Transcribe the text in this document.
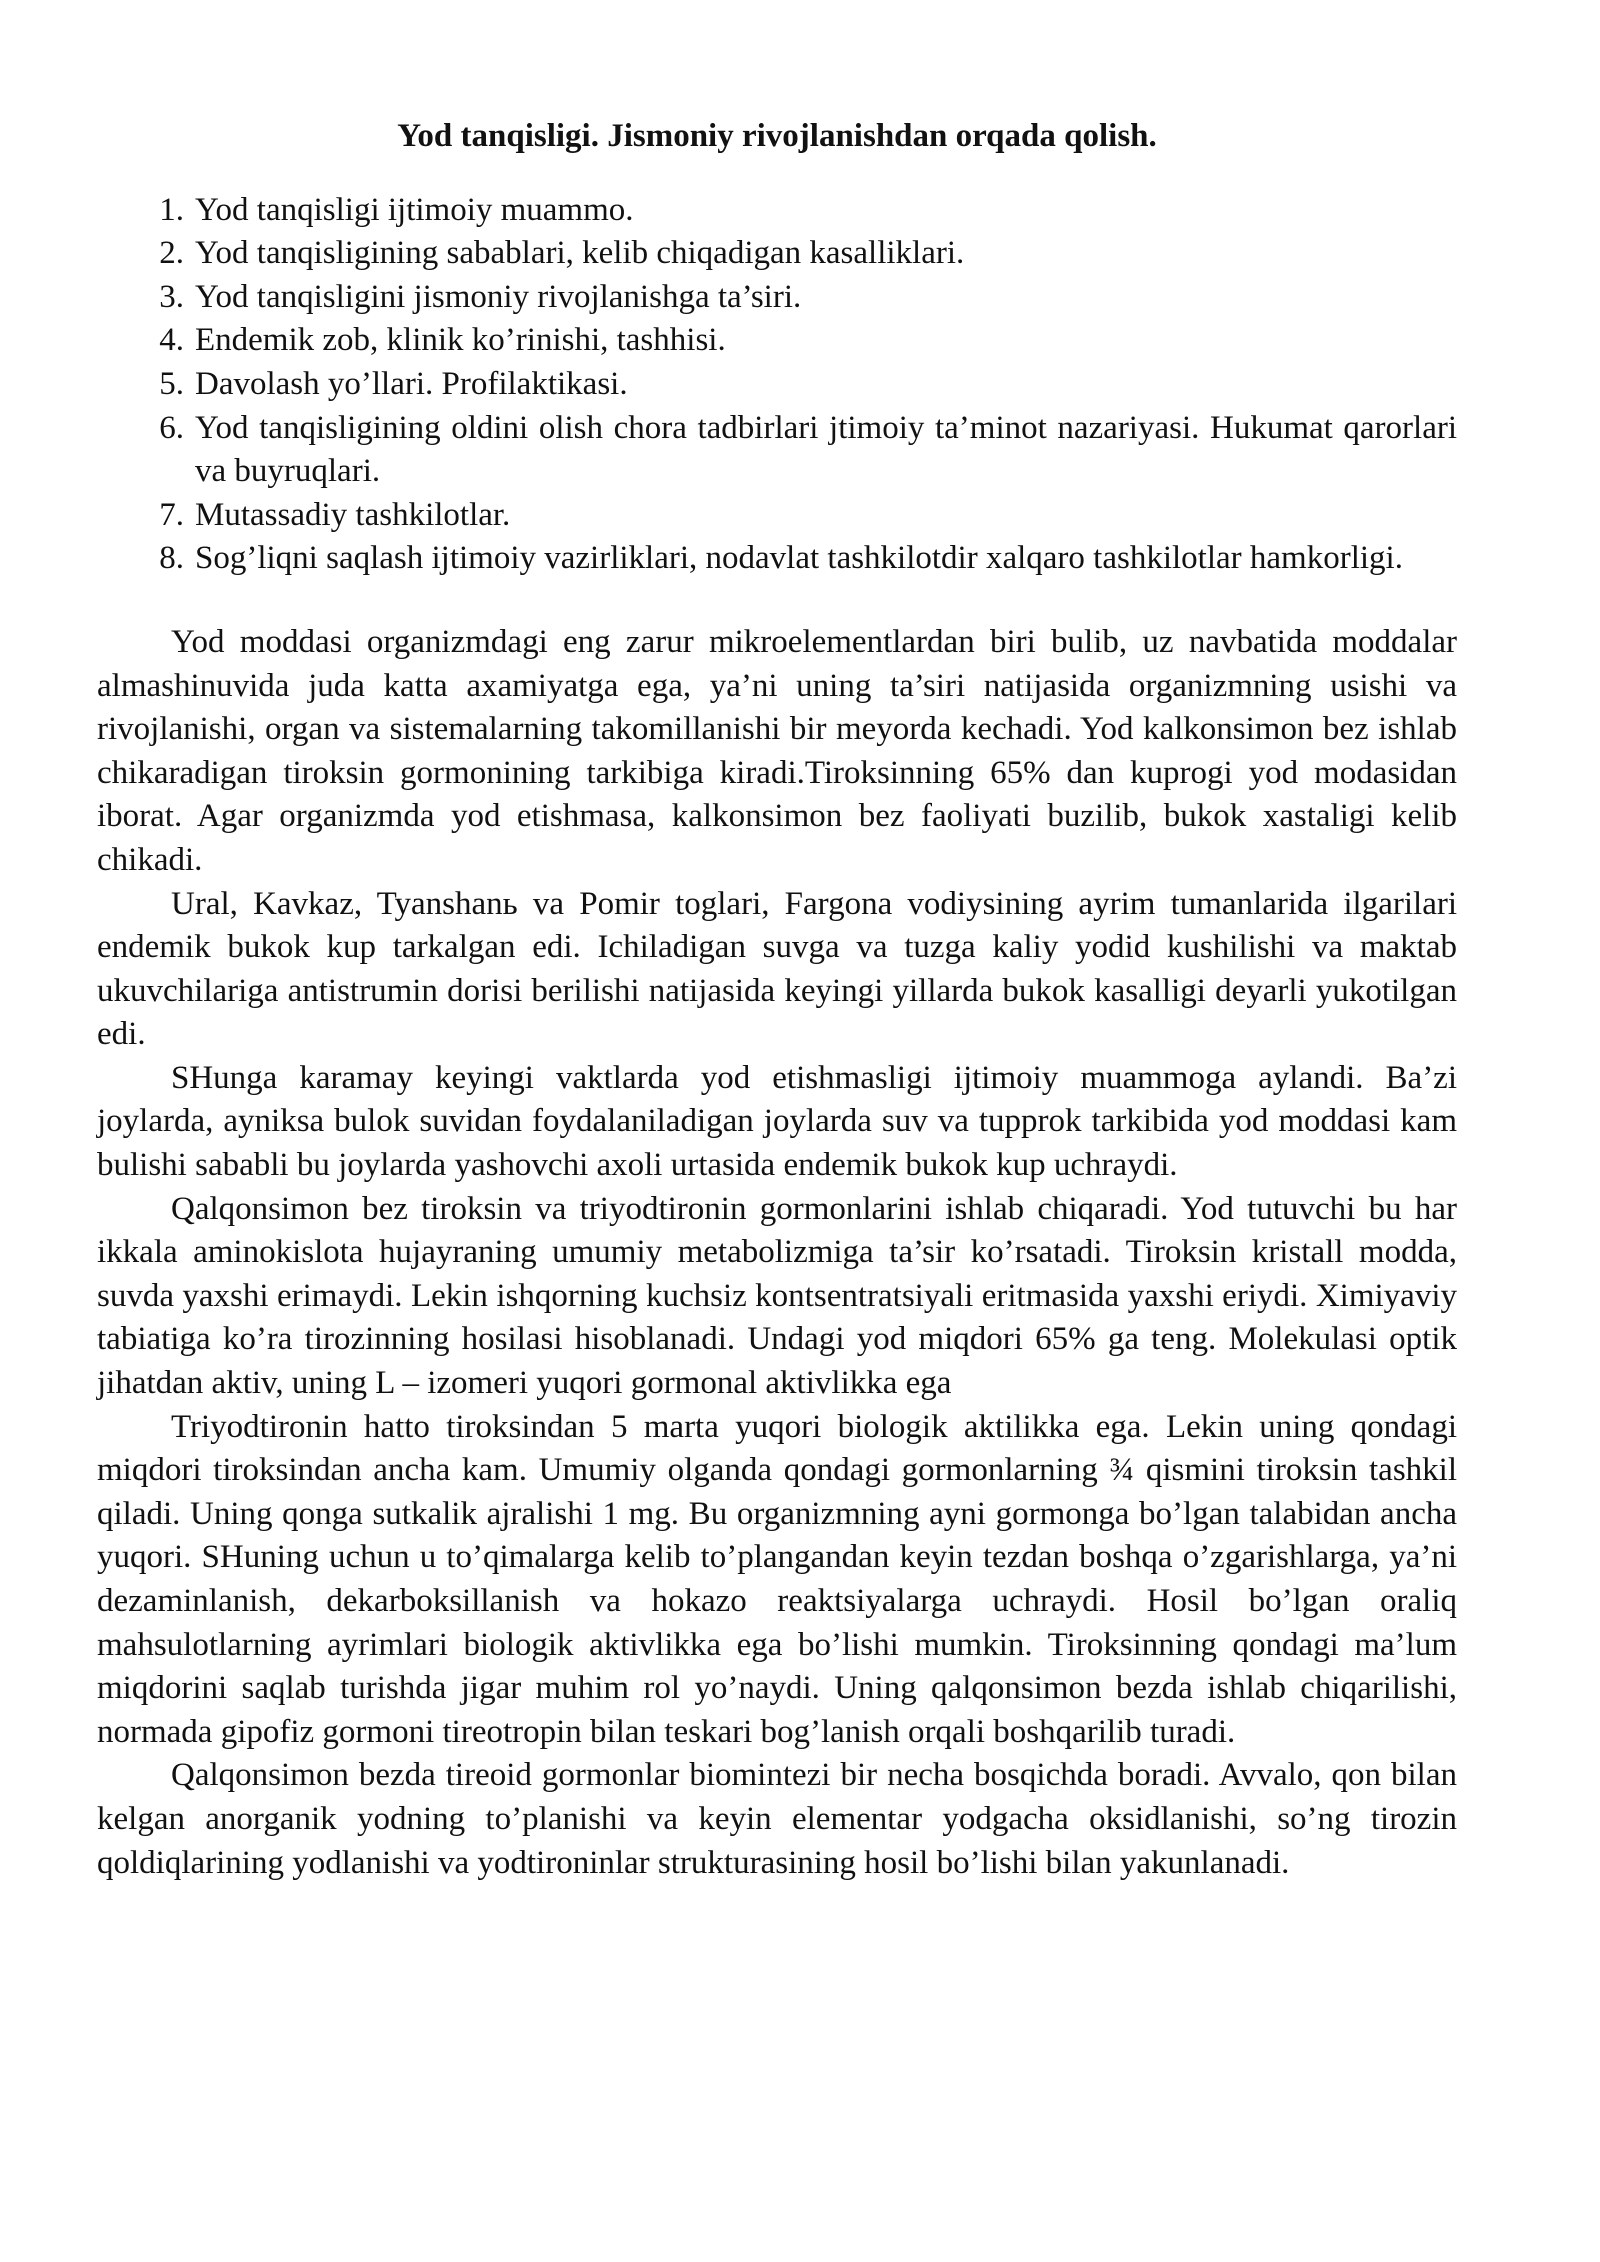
Yod tanqisligi. Jismoniy rivojlanishdan orqada qolish.
1. Yod tanqisligi ijtimoiy muammo.
2. Yod tanqisligining sabablari, kelib chiqadigan kasalliklari.
3. Yod tanqisligini jismoniy rivojlanishga ta’siri.
4. Endemik zob, klinik ko’rinishi, tashhisi.
5. Davolash yo’llari. Profilaktikasi.
6. Yod tanqisligining oldini olish chora tadbirlari jtimoiy ta’minot nazariyasi. Hukumat qarorlari va buyruqlari.
7. Mutassadiy tashkilotlar.
8. Sog’liqni saqlash ijtimoiy vazirliklari, nodavlat tashkilotdir xalqaro tashkilotlar hamkorligi.

Yod moddasi organizmdagi eng zarur mikroelementlardan biri bulib, uz navbatida moddalar almashinuvida juda katta axamiyatga ega, ya’ni uning ta’siri natijasida organizmning usishi va rivojlanishi, organ va sistemalarning takomillanishi bir meyorda kechadi. Yod kalkonsimon bez ishlab chikaradigan tiroksin gormonining tarkibiga kiradi.Tiroksinning 65% dan kuprogi yod modasidan iborat. Agar organizmda yod etishmasa, kalkonsimon bez faoliyati buzilib, bukok xastaligi kelib chikadi.

Ural, Kavkaz, Tyanshanь va Pomir toglari, Fargona vodiysining ayrim tumanlarida ilgarilari endemik bukok kup tarkalgan edi. Ichiladigan suvga va tuzga kaliy yodid kushilishi va maktab ukuvchilariga antistrumin dorisi berilishi natijasida keyingi yillarda bukok kasalligi deyarli yukotilgan edi.

SHunga karamay keyingi vaktlarda yod etishmasligi ijtimoiy muammoga aylandi. Ba’zi joylarda, ayniksa bulok suvidan foydalaniladigan joylarda suv va tupprok tarkibida yod moddasi kam bulishi sababli bu joylarda yashovchi axoli urtasida endemik bukok kup uchraydi.

Qalqonsimon bez tiroksin va triyodtironin gormonlarini ishlab chiqaradi. Yod tutuvchi bu har ikkala aminokislota hujayraning umumiy metabolizmiga ta’sir ko’rsatadi. Tiroksin kristall modda, suvda yaxshi erimaydi. Lekin ishqorning kuchsiz kontsentratsiyali eritmasida yaxshi eriydi. Ximiyaviy tabiatiga ko’ra tirozinning hosilasi hisoblanadi. Undagi yod miqdori 65% ga teng. Molekulasi optik jihatdan aktiv, uning L – izomeri yuqori gormonal aktivlikka ega

Triyodtironin hatto tiroksindan 5 marta yuqori biologik aktilikka ega. Lekin uning qondagi miqdori tiroksindan ancha kam. Umumiy olganda qondagi gormonlarning ¾ qismini tiroksin tashkil qiladi. Uning qonga sutkalik ajralishi 1 mg. Bu organizmning ayni gormonga bo’lgan talabidan ancha yuqori. SHuning uchun u to’qimalarga kelib to’plangandan keyin tezdan boshqa o’zgarishlarga, ya’ni dezaminlanish, dekarboksillanish va hokazo reaktsiyalarga uchraydi. Hosil bo’lgan oraliq mahsulotlarning ayrimlari biologik aktivlikka ega bo’lishi mumkin. Tiroksinning qondagi ma’lum miqdorini saqlab turishda jigar muhim rol yo’naydi. Uning qalqonsimon bezda ishlab chiqarilishi, normada gipofiz gormoni tireotropin bilan teskari bog’lanish orqali boshqarilib turadi.

Qalqonsimon bezda tireoid gormonlar biomintezi bir necha bosqichda boradi. Avvalo, qon bilan kelgan anorganik yodning to’planishi va keyin elementar yodgacha oksidlanishi, so’ng tirozin qoldiqlarining yodlanishi va yodtironinlar strukturasining hosil bo’lishi bilan yakunlanadi.
